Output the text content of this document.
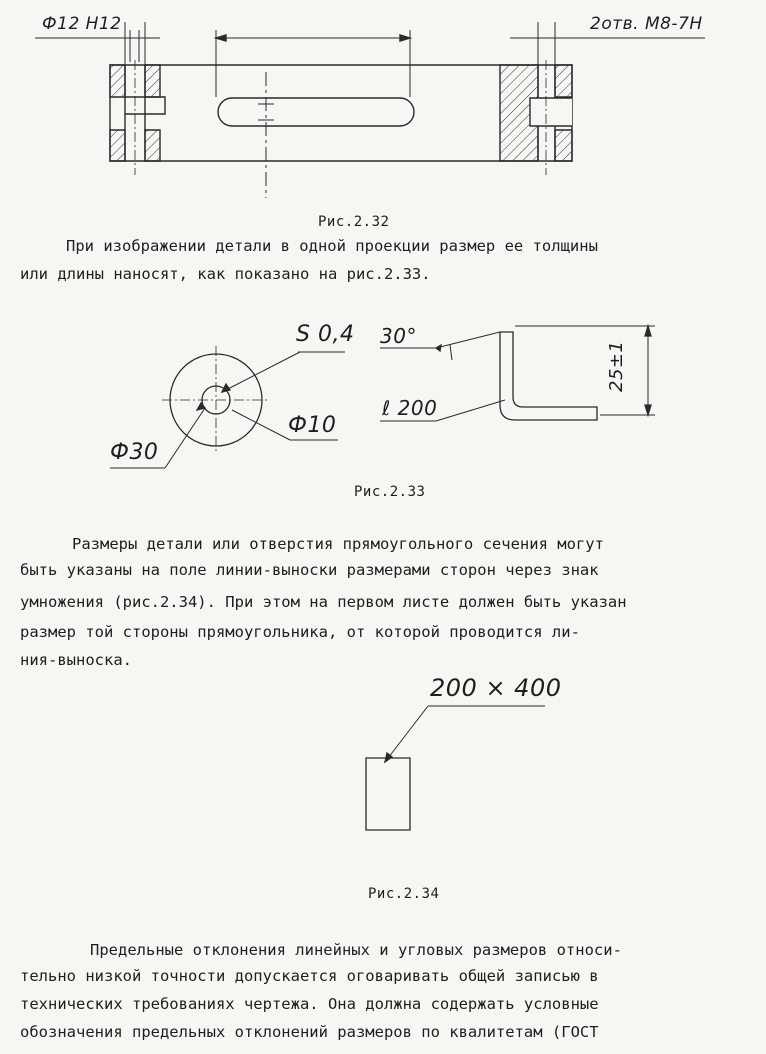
Ф12 Н12	2отв. М8-7Н
Рис.2.32
При изображении детали в одной проекции размер ее толщины
или длины наносят, как показано на рис.2.33.
S 0,4
Ф10
Ф30
30°
ℓ 200
25±1
Рис.2.33
Размеры детали или отверстия прямоугольного сечения могут
быть указаны на поле линии-выноски размерами сторон через знак
умножения (рис.2.34). При этом на первом листе должен быть указан
размер той стороны прямоугольника, от которой проводится ли-
ния-выноска.
200 × 400
Рис.2.34
Предельные отклонения линейных и угловых размеров относи-
тельно низкой точности допускается оговаривать общей записью в
технических требованиях чертежа. Она должна содержать условные
обозначения предельных отклонений размеров по квалитетам (ГОСТ
